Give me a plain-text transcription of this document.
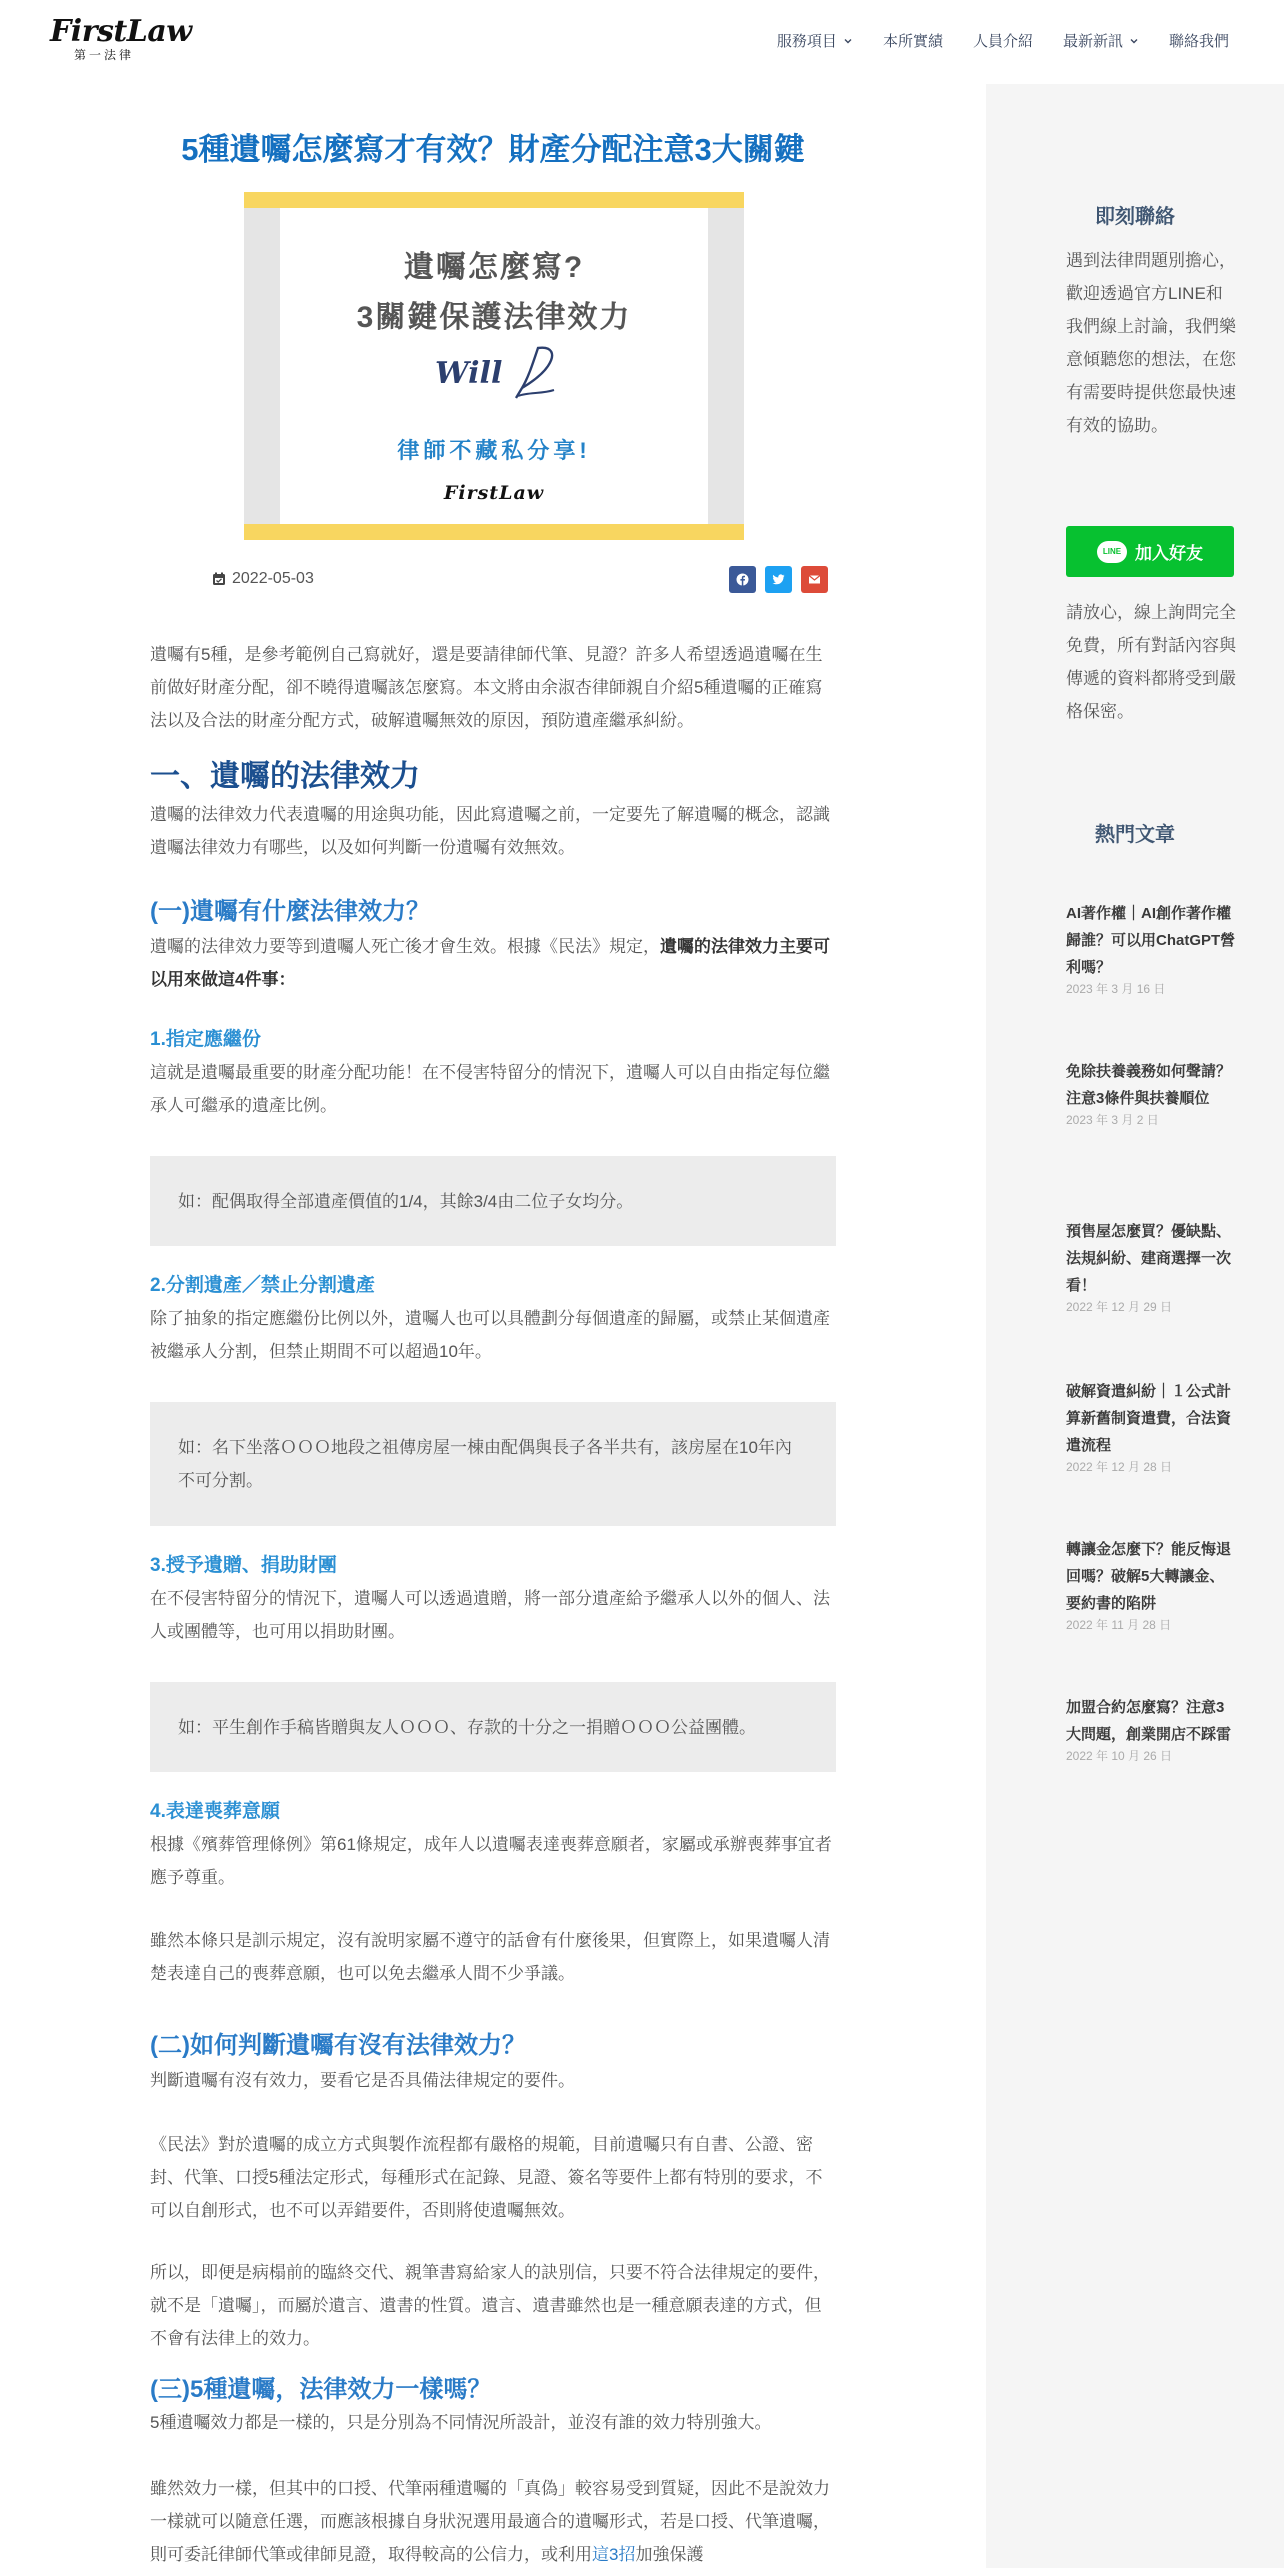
FirstLaw
第一法律
服務項目	本所實績 人員介紹 最新新訊	聯絡我們
5種遺囑怎麼寫才有效？財產分配注意3大關鍵
遺囑怎麼寫?
3關鍵保護法律效力
Will
律師不藏私分享!
FirstLaw
2022-05-03

遺囑有5種，是參考範例自己寫就好，還是要請律師代筆、見證？許多人希望透過遺囑在生前做好財產分配，卻不曉得遺囑該怎麼寫。本文將由余淑杏律師親自介紹5種遺囑的正確寫法以及合法的財產分配方式，破解遺囑無效的原因，預防遺產繼承糾紛。

一、遺囑的法律效力

遺囑的法律效力代表遺囑的用途與功能，因此寫遺囑之前，一定要先了解遺囑的概念，認識遺囑法律效力有哪些，以及如何判斷一份遺囑有效無效。

(一)遺囑有什麼法律效力？

遺囑的法律效力要等到遺囑人死亡後才會生效。根據《民法》規定，遺囑的法律效力主要可以用來做這4件事：

1.指定應繼份

這就是遺囑最重要的財產分配功能！在不侵害特留分的情況下，遺囑人可以自由指定每位繼承人可繼承的遺產比例。

如：配偶取得全部遺產價值的1/4，其餘3/4由二位子女均分。
2.分割遺產／禁止分割遺產

除了抽象的指定應繼份比例以外，遺囑人也可以具體劃分每個遺產的歸屬，或禁止某個遺產被繼承人分割，但禁止期間不可以超過10年。

如：名下坐落ＯＯＯ地段之祖傳房屋一棟由配偶與長子各半共有，該房屋在10年內不可分割。
3.授予遺贈、捐助財團

在不侵害特留分的情況下，遺囑人可以透過遺贈，將一部分遺產給予繼承人以外的個人、法人或團體等，也可用以捐助財團。

如：平生創作手稿皆贈與友人ＯＯＯ、存款的十分之一捐贈ＯＯＯ公益團體。
4.表達喪葬意願

根據《殯葬管理條例》第61條規定，成年人以遺囑表達喪葬意願者，家屬或承辦喪葬事宜者應予尊重。

雖然本條只是訓示規定，沒有說明家屬不遵守的話會有什麼後果，但實際上，如果遺囑人清楚表達自己的喪葬意願，也可以免去繼承人間不少爭議。

(二)如何判斷遺囑有沒有法律效力？

判斷遺囑有沒有效力，要看它是否具備法律規定的要件。

《民法》對於遺囑的成立方式與製作流程都有嚴格的規範，目前遺囑只有自書、公證、密封、代筆、口授5種法定形式，每種形式在記錄、見證、簽名等要件上都有特別的要求，不可以自創形式，也不可以弄錯要件，否則將使遺囑無效。

所以，即便是病榻前的臨終交代、親筆書寫給家人的訣別信，只要不符合法律規定的要件，就不是「遺囑」，而屬於遺言、遺書的性質。遺言、遺書雖然也是一種意願表達的方式，但不會有法律上的效力。

(三)5種遺囑，法律效力一樣嗎？

5種遺囑效力都是一樣的，只是分別為不同情況所設計，並沒有誰的效力特別強大。

雖然效力一樣，但其中的口授、代筆兩種遺囑的「真偽」較容易受到質疑，因此不是說效力一樣就可以隨意任選，而應該根據自身狀況選用最適合的遺囑形式，若是口授、代筆遺囑，則可委託律師代筆或律師見證，取得較高的公信力，或利用這3招加強保護

即刻聯絡

遇到法律問題別擔心，歡迎透過官方LINE和我們線上討論，我們樂意傾聽您的想法，在您有需要時提供您最快速有效的協助。

LINE 加入好友

請放心，線上詢問完全免費，所有對話內容與傳遞的資料都將受到嚴格保密。

熱門文章
AI著作權｜AI創作著作權歸誰？可以用ChatGPT營利嗎？
2023 年 3 月 16 日
免除扶養義務如何聲請？注意3條件與扶養順位
2023 年 3 月 2 日
預售屋怎麼買？優缺點、法規糾紛、建商選擇一次看！
2022 年 12 月 29 日
破解資遣糾紛｜１公式計算新舊制資遣費，合法資遣流程
2022 年 12 月 28 日
轉讓金怎麼下？能反悔退回嗎？破解5大轉讓金、要約書的陷阱
2022 年 11 月 28 日
加盟合約怎麼寫？注意3大問題，創業開店不踩雷
2022 年 10 月 26 日
